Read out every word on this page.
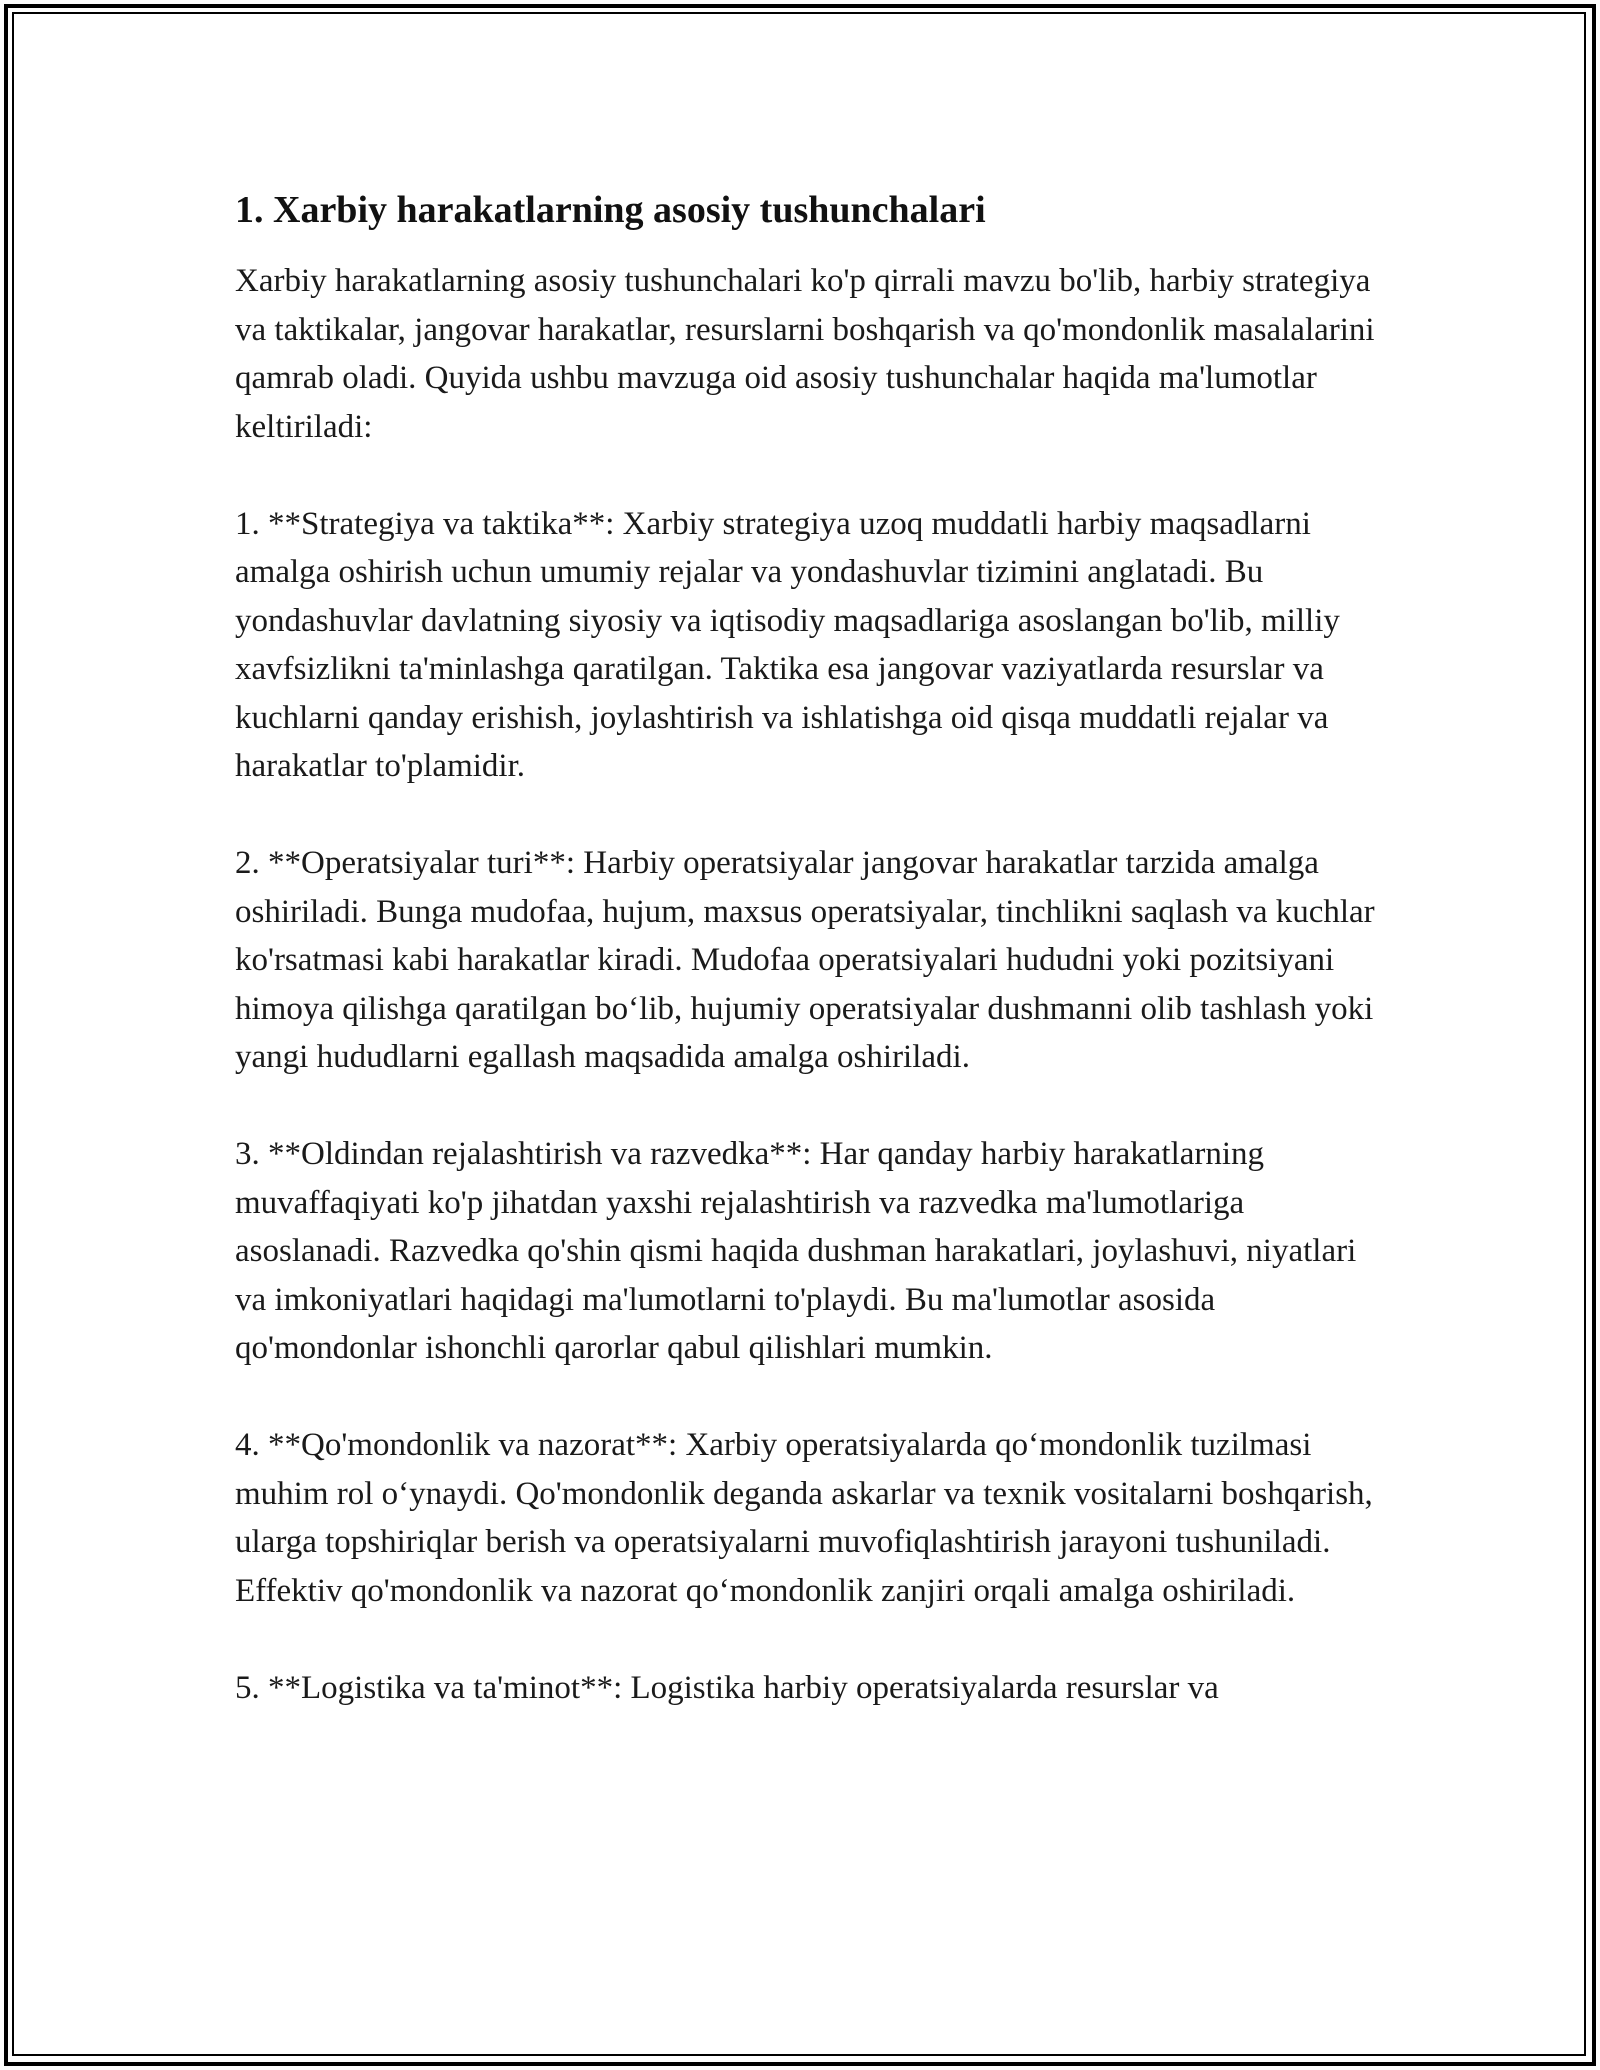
1. Xarbiy harakatlarning asosiy tushunchalari

Xarbiy harakatlarning asosiy tushunchalari ko'p qirrali mavzu bo'lib, harbiy strategiya va taktikalar, jangovar harakatlar, resurslarni boshqarish va qo'mondonlik masalalarini qamrab oladi. Quyida ushbu mavzuga oid asosiy tushunchalar haqida ma'lumotlar keltiriladi:

1. **Strategiya va taktika**: Xarbiy strategiya uzoq muddatli harbiy maqsadlarni amalga oshirish uchun umumiy rejalar va yondashuvlar tizimini anglatadi. Bu yondashuvlar davlatning siyosiy va iqtisodiy maqsadlariga asoslangan bo'lib, milliy xavfsizlikni ta'minlashga qaratilgan. Taktika esa jangovar vaziyatlarda resurslar va kuchlarni qanday erishish, joylashtirish va ishlatishga oid qisqa muddatli rejalar va harakatlar to'plamidir.

2. **Operatsiyalar turi**: Harbiy operatsiyalar jangovar harakatlar tarzida amalga oshiriladi. Bunga mudofaa, hujum, maxsus operatsiyalar, tinchlikni saqlash va kuchlar ko'rsatmasi kabi harakatlar kiradi. Mudofaa operatsiyalari hududni yoki pozitsiyani himoya qilishga qaratilgan bo‘lib, hujumiy operatsiyalar dushmanni olib tashlash yoki yangi hududlarni egallash maqsadida amalga oshiriladi.

3. **Oldindan rejalashtirish va razvedka**: Har qanday harbiy harakatlarning muvaffaqiyati ko'p jihatdan yaxshi rejalashtirish va razvedka ma'lumotlariga asoslanadi. Razvedka qo'shin qismi haqida dushman harakatlari, joylashuvi, niyatlari va imkoniyatlari haqidagi ma'lumotlarni to'playdi. Bu ma'lumotlar asosida qo'mondonlar ishonchli qarorlar qabul qilishlari mumkin.

4. **Qo'mondonlik va nazorat**: Xarbiy operatsiyalarda qo‘mondonlik tuzilmasi muhim rol o‘ynaydi. Qo'mondonlik deganda askarlar va texnik vositalarni boshqarish, ularga topshiriqlar berish va operatsiyalarni muvofiqlashtirish jarayoni tushuniladi. Effektiv qo'mondonlik va nazorat qo‘mondonlik zanjiri orqali amalga oshiriladi.

5. **Logistika va ta'minot**: Logistika harbiy operatsiyalarda resurslar va
